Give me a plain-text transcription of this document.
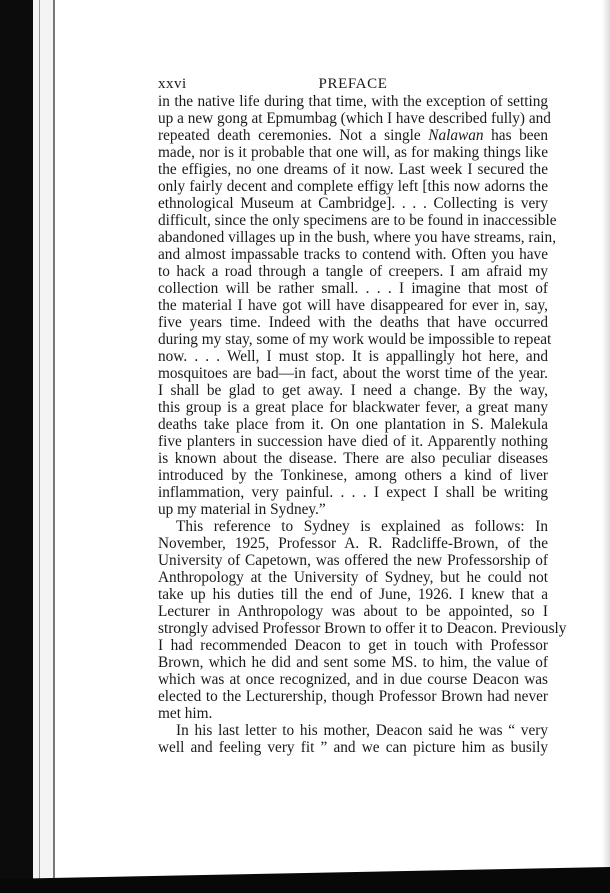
xxvi	PREFACE
in the native life during that time, with the exception of setting
up a new gong at Epmumbag (which I have described fully) and
repeated death ceremonies. Not a single Nalawan has been
made, nor is it probable that one will, as for making things like
the effigies, no one dreams of it now. Last week I secured the
only fairly decent and complete effigy left [this now adorns the
ethnological Museum at Cambridge]. . . . Collecting is very
difficult, since the only specimens are to be found in inaccessible
abandoned villages up in the bush, where you have streams, rain,
and almost impassable tracks to contend with. Often you have
to hack a road through a tangle of creepers. I am afraid my
collection will be rather small. . . . I imagine that most of
the material I have got will have disappeared for ever in, say,
five years time. Indeed with the deaths that have occurred
during my stay, some of my work would be impossible to repeat
now. . . . Well, I must stop. It is appallingly hot here, and
mosquitoes are bad—in fact, about the worst time of the year.
I shall be glad to get away. I need a change. By the way,
this group is a great place for blackwater fever, a great many
deaths take place from it. On one plantation in S. Malekula
five planters in succession have died of it. Apparently nothing
is known about the disease. There are also peculiar diseases
introduced by the Tonkinese, among others a kind of liver
inflammation, very painful. . . . I expect I shall be writing
up my material in Sydney.”
This reference to Sydney is explained as follows: In
November, 1925, Professor A. R. Radcliffe-Brown, of the
University of Capetown, was offered the new Professorship of
Anthropology at the University of Sydney, but he could not
take up his duties till the end of June, 1926. I knew that a
Lecturer in Anthropology was about to be appointed, so I
strongly advised Professor Brown to offer it to Deacon. Previously
I had recommended Deacon to get in touch with Professor
Brown, which he did and sent some MS. to him, the value of
which was at once recognized, and in due course Deacon was
elected to the Lecturership, though Professor Brown had never
met him.
In his last letter to his mother, Deacon said he was “ very
well and feeling very fit ” and we can picture him as busily
